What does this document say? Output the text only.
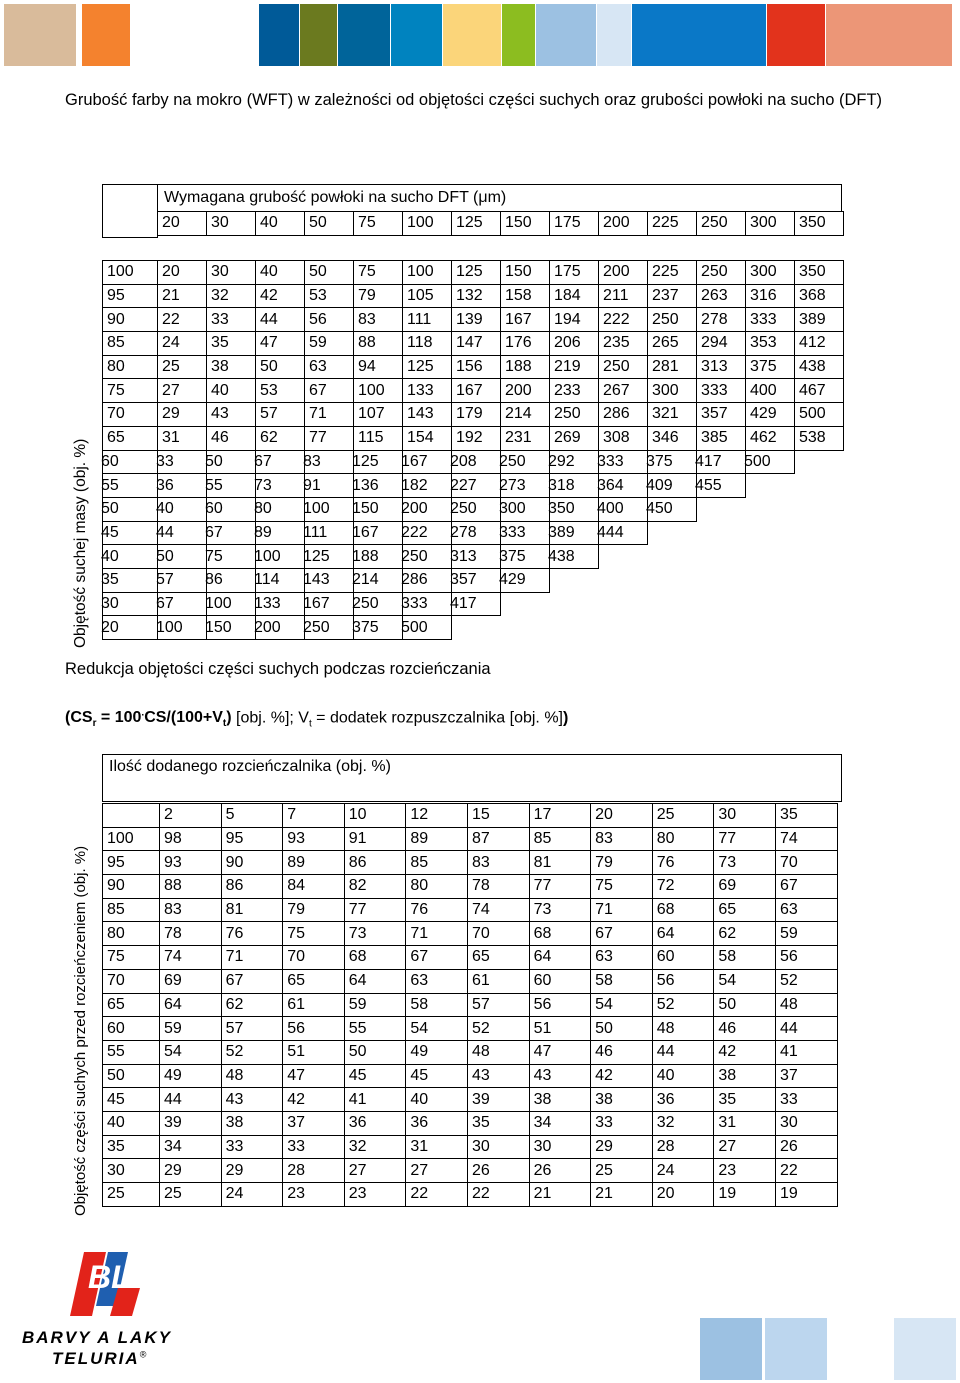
Grubość farby na mokro (WFT) w zależności od objętości części suchych oraz grubości powłoki na sucho (DFT)
Wymagana grubość powłoki na sucho DFT (μm)
20	30	40	50	75	100	125	150	175	200	225	250	300	350
100	20	30	40	50	75	100	125	150	175	200	225	250	300	350
95	21	32	42	53	79	105	132	158	184	211	237	263	316	368
90	22	33	44	56	83	111	139	167	194	222	250	278	333	389
85	24	35	47	59	88	118	147	176	206	235	265	294	353	412
80	25	38	50	63	94	125	156	188	219	250	281	313	375	438
75	27	40	53	67	100	133	167	200	233	267	300	333	400	467
70	29	43	57	71	107	143	179	214	250	286	321	357	429	500
65	31	46	62	77	115	154	192	231	269	308	346	385	462	538
60	33	50	67	83	125	167	208	250	292	333	375	417	500	
55	36	55	73	91	136	182	227	273	318	364	409	455		
50	40	60	80	100	150	200	250	300	350	400	450			
45	44	67	89	111	167	222	278	333	389	444				
40	50	75	100	125	188	250	313	375	438					
35	57	86	114	143	214	286	357	429						
30	67	100	133	167	250	333	417							
20	100	150	200	250	375	500								
Objętość suchej masy (obj. %)
Redukcja objętości części suchych podczas rozcieńczania
($CS_r = 100^.CS/(100+V_t)$ [obj. %]; $V_t$ = dodatek rozpuszczalnika [obj. %])
Ilość dodanego rozcieńczalnika (obj. %)
	2	5	7	10	12	15	17	20	25	30	35
100	98	95	93	91	89	87	85	83	80	77	74
95	93	90	89	86	85	83	81	79	76	73	70
90	88	86	84	82	80	78	77	75	72	69	67
85	83	81	79	77	76	74	73	71	68	65	63
80	78	76	75	73	71	70	68	67	64	62	59
75	74	71	70	68	67	65	64	63	60	58	56
70	69	67	65	64	63	61	60	58	56	54	52
65	64	62	61	59	58	57	56	54	52	50	48
60	59	57	56	55	54	52	51	50	48	46	44
55	54	52	51	50	49	48	47	46	44	42	41
50	49	48	47	45	45	43	43	42	40	38	37
45	44	43	42	41	40	39	38	38	36	35	33
40	39	38	37	36	36	35	34	33	32	31	30
35	34	33	33	32	31	30	30	29	28	27	26
30	29	29	28	27	27	26	26	25	24	23	22
25	25	24	23	23	22	22	21	21	20	19	19
Objętość części suchych przed rozcieńczeniem (obj. %)
BL
BARVY A LAKY
TELURIA®
